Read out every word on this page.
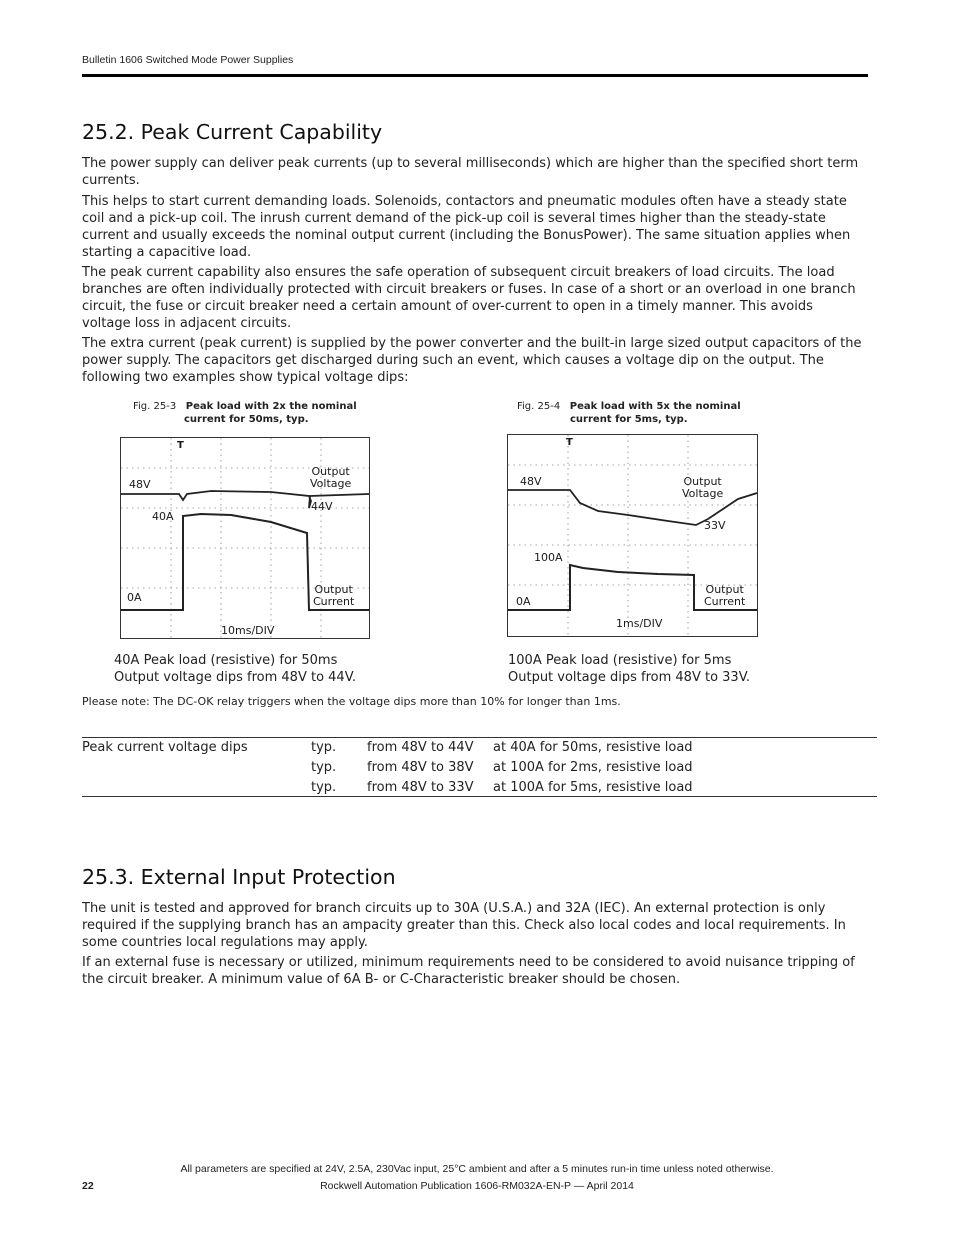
Bulletin 1606 Switched Mode Power Supplies
25.2. Peak Current Capability

The power supply can deliver peak currents (up to several milliseconds) which are higher than the specified short term currents.

This helps to start current demanding loads. Solenoids, contactors and pneumatic modules often have a steady state coil and a pick-up coil. The inrush current demand of the pick-up coil is several times higher than the steady-state current and usually exceeds the nominal output current (including the BonusPower). The same situation applies when starting a capacitive load.

The peak current capability also ensures the safe operation of subsequent circuit breakers of load circuits. The load branches are often individually protected with circuit breakers or fuses. In case of a short or an overload in one branch circuit, the fuse or circuit breaker need a certain amount of over-current to open in a timely manner. This avoids voltage loss in adjacent circuits.

The extra current (peak current) is supplied by the power converter and the built-in large sized output capacitors of the power supply. The capacitors get discharged during such an event, which causes a voltage dip on the output. The following two examples show typical voltage dips:

Fig. 25-3 Peak load with 2x the nominal
current for 50ms, typ.
T
48V
40A
0A
44V
Output
Voltage
Output
Current
10ms/DIV
40A Peak load (resistive) for 50ms
Output voltage dips from 48V to 44V.
Fig. 25-4 Peak load with 5x the nominal
current for 5ms, typ.
T
48V
100A
0A
33V
Output
Voltage
Output
Current
1ms/DIV
100A Peak load (resistive) for 5ms
Output voltage dips from 48V to 33V.
Please note: The DC-OK relay triggers when the voltage dips more than 10% for longer than 1ms.
Peak current voltage dips	typ.	from 48V to 44V	at 40A for 50ms, resistive load
	typ.	from 48V to 38V	at 100A for 2ms, resistive load
	typ.	from 48V to 33V	at 100A for 5ms, resistive load
25.3. External Input Protection

The unit is tested and approved for branch circuits up to 30A (U.S.A.) and 32A (IEC). An external protection is only required if the supplying branch has an ampacity greater than this. Check also local codes and local requirements. In some countries local regulations may apply.

If an external fuse is necessary or utilized, minimum requirements need to be considered to avoid nuisance tripping of the circuit breaker. A minimum value of 6A B- or C-Characteristic breaker should be chosen.

All parameters are specified at 24V, 2.5A, 230Vac input, 25°C ambient and after a 5 minutes run-in time unless noted otherwise.
22	Rockwell Automation Publication 1606-RM032A-EN-P — April 2014
